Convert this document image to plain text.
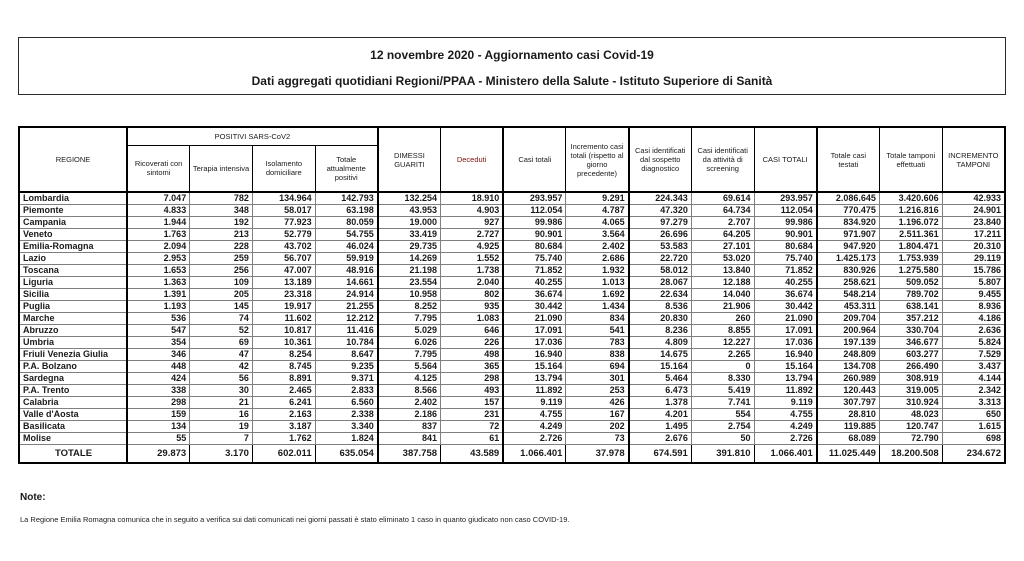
12 novembre 2020 - Aggiornamento casi Covid-19
Dati aggregati quotidiani Regioni/PPAA - Ministero della Salute - Istituto Superiore di Sanità
REGIONE	POSITIVI SARS-CoV2				DIMESSI GUARITI	Deceduti	Casi totali	Incremento casi totali (rispetto al giorno precedente)	Casi identificati dal sospetto diagnostico	Casi identificati da attività di screening	CASI TOTALI	Totale casi testati	Totale tamponi effettuati	INCREMENTO TAMPONI
	Ricoverati con sintomi	Terapia intensiva	Isolamento domiciliare	Totale attualmente positivi										
Lombardia	7.047	782	134.964	142.793	132.254	18.910	293.957	9.291	224.343	69.614	293.957	2.086.645	3.420.606	42.933
Piemonte	4.833	348	58.017	63.198	43.953	4.903	112.054	4.787	47.320	64.734	112.054	770.475	1.216.816	24.901
Campania	1.944	192	77.923	80.059	19.000	927	99.986	4.065	97.279	2.707	99.986	834.920	1.196.072	23.840
Veneto	1.763	213	52.779	54.755	33.419	2.727	90.901	3.564	26.696	64.205	90.901	971.907	2.511.361	17.211
Emilia-Romagna	2.094	228	43.702	46.024	29.735	4.925	80.684	2.402	53.583	27.101	80.684	947.920	1.804.471	20.310
Lazio	2.953	259	56.707	59.919	14.269	1.552	75.740	2.686	22.720	53.020	75.740	1.425.173	1.753.939	29.119
Toscana	1.653	256	47.007	48.916	21.198	1.738	71.852	1.932	58.012	13.840	71.852	830.926	1.275.580	15.786
Liguria	1.363	109	13.189	14.661	23.554	2.040	40.255	1.013	28.067	12.188	40.255	258.621	509.052	5.807
Sicilia	1.391	205	23.318	24.914	10.958	802	36.674	1.692	22.634	14.040	36.674	548.214	789.702	9.455
Puglia	1.193	145	19.917	21.255	8.252	935	30.442	1.434	8.536	21.906	30.442	453.311	638.141	8.936
Marche	536	74	11.602	12.212	7.795	1.083	21.090	834	20.830	260	21.090	209.704	357.212	4.186
Abruzzo	547	52	10.817	11.416	5.029	646	17.091	541	8.236	8.855	17.091	200.964	330.704	2.636
Umbria	354	69	10.361	10.784	6.026	226	17.036	783	4.809	12.227	17.036	197.139	346.677	5.824
Friuli Venezia Giulia	346	47	8.254	8.647	7.795	498	16.940	838	14.675	2.265	16.940	248.809	603.277	7.529
P.A. Bolzano	448	42	8.745	9.235	5.564	365	15.164	694	15.164	0	15.164	134.708	266.490	3.437
Sardegna	424	56	8.891	9.371	4.125	298	13.794	301	5.464	8.330	13.794	260.989	308.919	4.144
P.A. Trento	338	30	2.465	2.833	8.566	493	11.892	253	6.473	5.419	11.892	120.443	319.005	2.342
Calabria	298	21	6.241	6.560	2.402	157	9.119	426	1.378	7.741	9.119	307.797	310.924	3.313
Valle d'Aosta	159	16	2.163	2.338	2.186	231	4.755	167	4.201	554	4.755	28.810	48.023	650
Basilicata	134	19	3.187	3.340	837	72	4.249	202	1.495	2.754	4.249	119.885	120.747	1.615
Molise	55	7	1.762	1.824	841	61	2.726	73	2.676	50	2.726	68.089	72.790	698
TOTALE	29.873	3.170	602.011	635.054	387.758	43.589	1.066.401	37.978	674.591	391.810	1.066.401	11.025.449	18.200.508	234.672
Note:
La Regione Emilia Romagna comunica che in seguito a verifica sui dati comunicati nei giorni passati è stato eliminato 1 caso in quanto giudicato non caso COVID-19.
